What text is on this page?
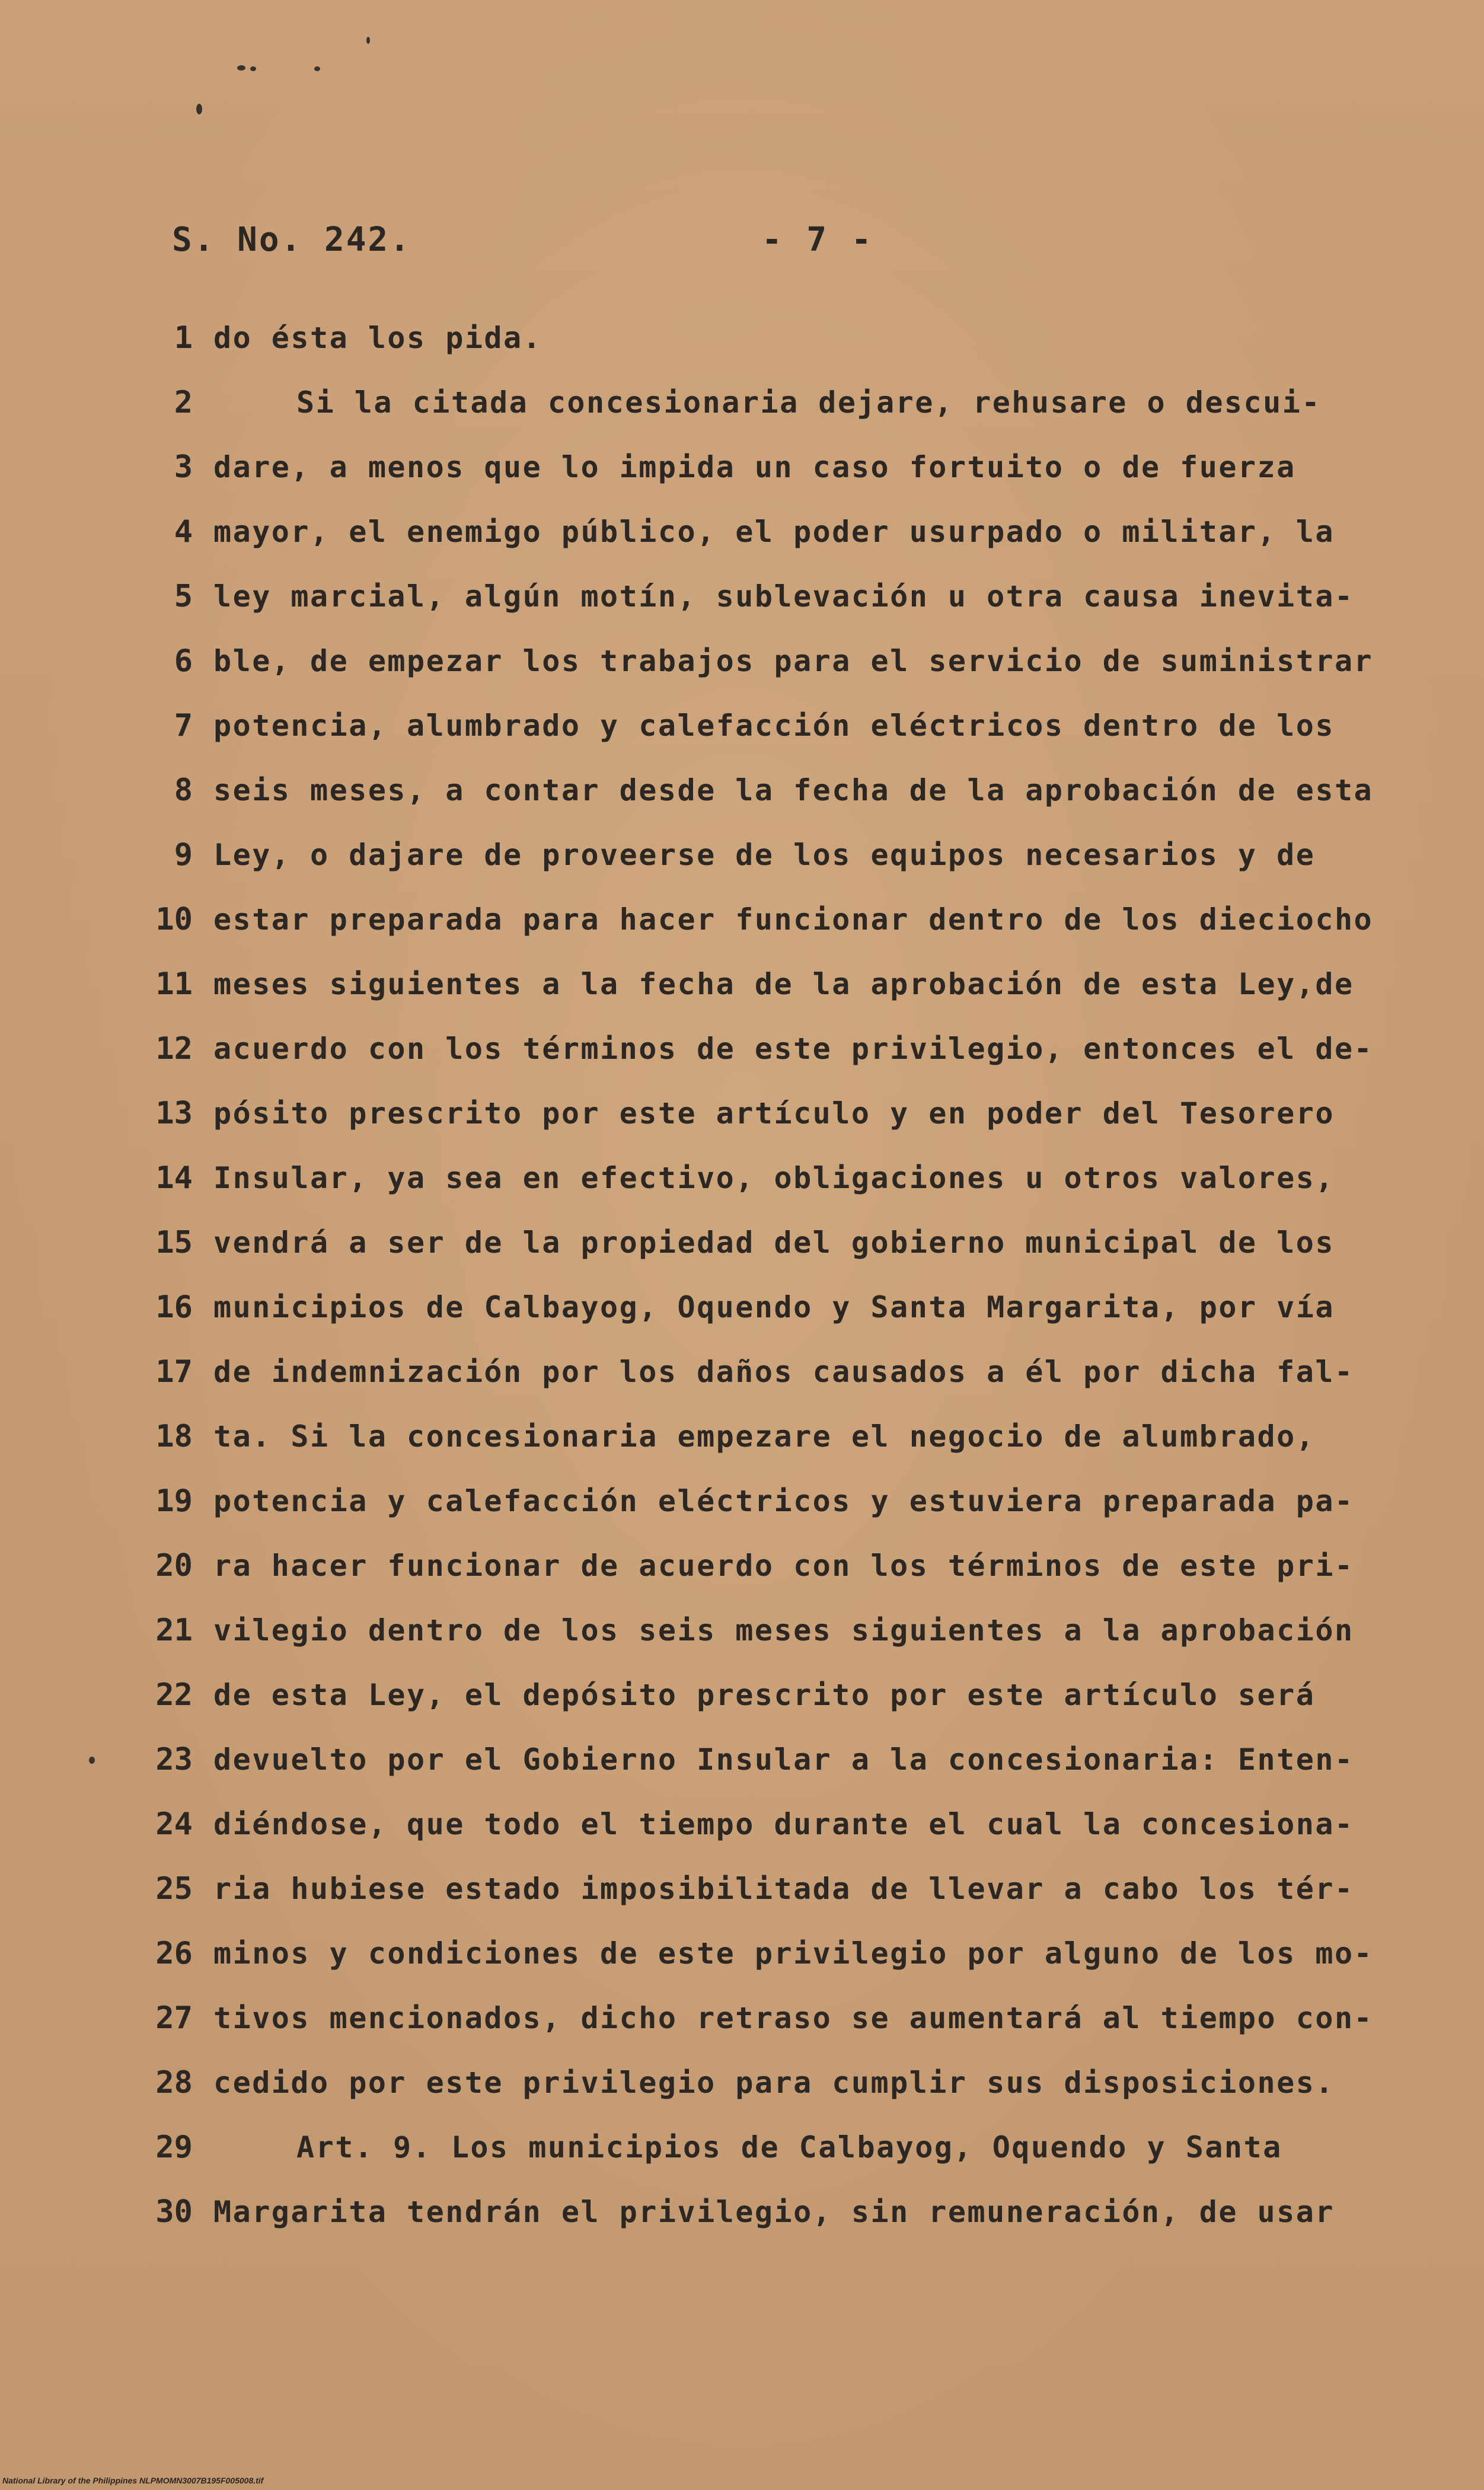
S. No. 242.	- 7 -
1 do ésta los pida.
2	Si la citada concesionaria dejare, rehusare o descui-
3 dare, a menos que lo impida un caso fortuito o de fuerza
4 mayor, el enemigo público, el poder usurpado o militar, la
5 ley marcial, algún motín, sublevación u otra causa inevita-
6 ble, de empezar los trabajos para el servicio de suministrar
7 potencia, alumbrado y calefacción eléctricos dentro de los
8 seis meses, a contar desde la fecha de la aprobación de esta
9 Ley, o dajare de proveerse de los equipos necesarios y de
10 estar preparada para hacer funcionar dentro de los dieciocho
11 meses siguientes a la fecha de la aprobación de esta Ley,de
12 acuerdo con los términos de este privilegio, entonces el de-
13 pósito prescrito por este artículo y en poder del Tesorero
14 Insular, ya sea en efectivo, obligaciones u otros valores,
15 vendrá a ser de la propiedad del gobierno municipal de los
16 municipios de Calbayog, Oquendo y Santa Margarita, por vía
17 de indemnización por los daños causados a él por dicha fal-
18 ta. Si la concesionaria empezare el negocio de alumbrado,
19 potencia y calefacción eléctricos y estuviera preparada pa-
20 ra hacer funcionar de acuerdo con los términos de este pri-
21 vilegio dentro de los seis meses siguientes a la aprobación
22 de esta Ley, el depósito prescrito por este artículo será
23 devuelto por el Gobierno Insular a la concesionaria: Enten-
24 diéndose, que todo el tiempo durante el cual la concesiona-
25 ria hubiese estado imposibilitada de llevar a cabo los tér-
26 minos y condiciones de este privilegio por alguno de los mo-
27 tivos mencionados, dicho retraso se aumentará al tiempo con-
28 cedido por este privilegio para cumplir sus disposiciones.
29	Art. 9. Los municipios de Calbayog, Oquendo y Santa
30 Margarita tendrán el privilegio, sin remuneración, de usar
National Library of the Philippines NLPMOMN3007B195F005008.tif
